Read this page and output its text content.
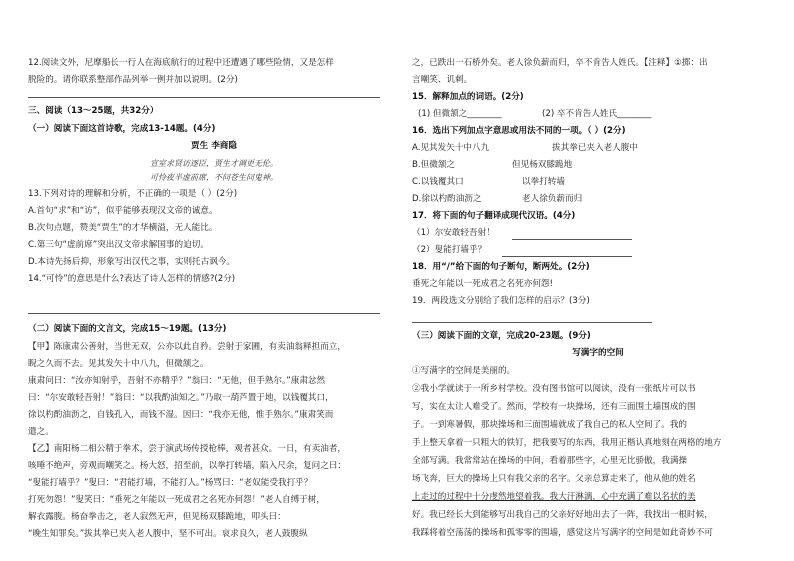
12.阅读文外，尼摩船长一行人在海底航行的过程中还遭遇了哪些险情，又是怎样
脱险的。请你联系整部作品列举一例并加以说明。(2分)
三、阅读（13～25题，共32分）
（一）阅读下面这首诗歌，完成13-14题。(4分)
贾生 李商隐
宣室求贤访逐臣，贾生才调更无伦。
可怜夜半虚前席，不问苍生问鬼神。
13.下列对诗的理解和分析，不正确的一项是（ ）(2分)
A.首句“求”和“访”，似乎能够表现汉文帝的诚意。
B.次句点题，赞美“贾生”的才华横溢，无人能比。
C.第三句“虚前席”突出汉文帝求解国事的迫切。
D.本诗先扬后抑，形象写出汉代之事，实则托古讽今。
14.“可怜”的意思是什么?表达了诗人怎样的情感?(2分)
（二）阅读下面的文言文，完成15～19题。(13分)
【甲】陈康肃公善射，当世无双，公亦以此自矜。尝射于家圃，有卖油翁释担而立，
睨之久而不去。见其发矢十中八九，但微颔之。
康肃问曰：“汝亦知射乎，吾射不亦精乎？”翁曰：“无他，但手熟尔。”康肃忿然
曰：“尔安敢轻吾射！”翁曰：“以我酌油知之。”乃取一葫芦置于地，以钱覆其口，
徐以杓酌油沥之，自钱孔入，而钱不湿。因曰：“我亦无他，惟手熟尔。”康肃笑而
遣之。
【乙】南阳杨二相公精于拳术，尝于演武场传授枪棒，观者甚众。一日，有卖油者，
咳唾不绝声，旁观而嘲笑之。杨大怒，招至前，以拳打转墙，陷入尺余，复问之曰：
“叟能打墙乎？”叟曰：“君能打墙，不能打人。”杨骂曰：“老奴能受我打乎？
打死勿怨！”叟笑曰：“垂死之年能以一死成君之名死亦何怨！”老人自缚于树，
解衣露腹。杨奋拳击之，老人寂然无声，但见杨双膝跪地，叩头曰：
“晚生知罪矣。”拔其拳已夹入老人腹中，坚不可出。哀求良久，老人鼓腹纵
之，已跌出一石桥外矣。老人徐负薪而归，卒不肯告人姓氏。【注释】①掷：出
言嘲笑、讥刺。
15．解释加点的词语。(2分)
(1) 但微颔之________	(2) 卒不肯告人姓氏________
16．选出下列加点字意思或用法不同的一项。（ ）(2分)
A.见其发矢十中八九	拔其拳已夹入老人腹中
B.但微颔之	但见杨双膝跪地
C.以钱覆其口	以拳打转墙
D.徐以杓酌油沥之	老人徐负薪而归
17．将下面的句子翻译成现代汉语。(4分)
（1）尔安敢轻吾射！
（2）叟能打墙乎？
18．用“/”给下面的句子断句，断两处。(2分)
垂死之年能以一死成君之名死亦何怨!
19．两段选文分别给了我们怎样的启示？(3分)
（三）阅读下面的文章，完成20-23题。(9分)
写满字的空间
①写满字的空间是美丽的。
②我小学就读于一所乡村学校。没有图书馆可以阅读，没有一张纸片可以书
写，实在太让人难受了。然而，学校有一块操场，还有三面围土墙围成的围
子。一到寒暑假，那块操场和三面围墙就成了我自己的私人空间了。我的
手上整天拿着一只粗大的铁钉，把我要写的东西，我用正楷认真地刻在两格的地方
全部写满。我常常站在操场的中间，看着那些字，心里无比骄傲，我满操
场飞奔，巨大的操场上只有我父亲的名字。父亲总算走来了，他从他的姓名
上走过的过程中十分虔然地望着我。我大汗淋漓，心中充满了难以名状的美
好。我已经长大到能够写出我自己的父亲好好地出去了一阵，我找出一根时候，
我踩将着空荡荡的操场和孤零零的围墙，感觉这片写满字的空间是如此奇妙不可
